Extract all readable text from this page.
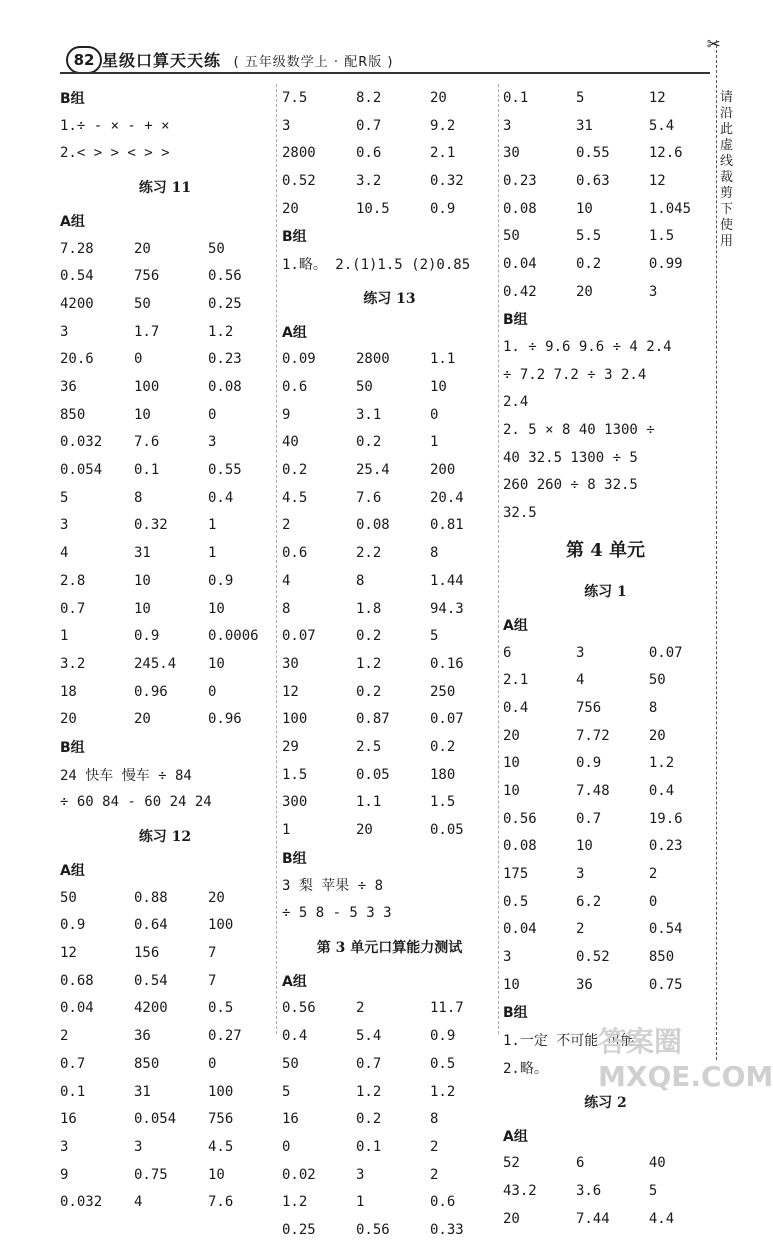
82 星级口算天天练 ( 五年级数学上 · 配R版 )
✂
请沿此虚线裁剪下使用
B组
1.÷ - × - + ×
2.< > > < > >
练习 11
A组
7.28	20	50
0.54	756	0.56
4200	50	0.25
3	1.7	1.2
20.6	0	0.23
36	100	0.08
850	10	0
0.032	7.6	3
0.054	0.1	0.55
5	8	0.4
3	0.32	1
4	31	1
2.8	10	0.9
0.7	10	10
1	0.9	0.0006
3.2	245.4	10
18	0.96	0
20	20	0.96
B组
24 快车 慢车 ÷ 84
÷ 60 84 - 60 24 24
练习 12
A组
50	0.88	20
0.9	0.64	100
12	156	7
0.68	0.54	7
0.04	4200	0.5
2	36	0.27
0.7	850	0
0.1	31	100
16	0.054	756
3	3	4.5
9	0.75	10
0.032	4	7.6
7.5	8.2	20
3	0.7	9.2
2800	0.6	2.1
0.52	3.2	0.32
20	10.5	0.9
B组
1.略。 2.(1)1.5 (2)0.85
练习 13
A组
0.09	2800	1.1
0.6	50	10
9	3.1	0
40	0.2	1
0.2	25.4	200
4.5	7.6	20.4
2	0.08	0.81
0.6	2.2	8
4	8	1.44
8	1.8	94.3
0.07	0.2	5
30	1.2	0.16
12	0.2	250
100	0.87	0.07
29	2.5	0.2
1.5	0.05	180
300	1.1	1.5
1	20	0.05
B组
3 梨 苹果 ÷ 8
÷ 5 8 - 5 3 3
第 3 单元口算能力测试
A组
0.56	2	11.7
0.4	5.4	0.9
50	0.7	0.5
5	1.2	1.2
16	0.2	8
0	0.1	2
0.02	3	2
1.2	1	0.6
0.25	0.56	0.33
0.1	5	12
3	31	5.4
30	0.55	12.6
0.23	0.63	12
0.08	10	1.045
50	5.5	1.5
0.04	0.2	0.99
0.42	20	3
B组
1. ÷ 9.6 9.6 ÷ 4 2.4
÷ 7.2 7.2 ÷ 3 2.4
2.4
2. 5 × 8 40 1300 ÷
40 32.5 1300 ÷ 5
260 260 ÷ 8 32.5
32.5
第 4 单元
练习 1
A组
6	3	0.07
2.1	4	50
0.4	756	8
20	7.72	20
10	0.9	1.2
10	7.48	0.4
0.56	0.7	19.6
0.08	10	0.23
175	3	2
0.5	6.2	0
0.04	2	0.54
3	0.52	850
10	36	0.75
B组
1.一定 不可能 可能
2.略。
练习 2
A组
52	6	40
43.2	3.6	5
20	7.44	4.4
答案圈 MXQE.COM
